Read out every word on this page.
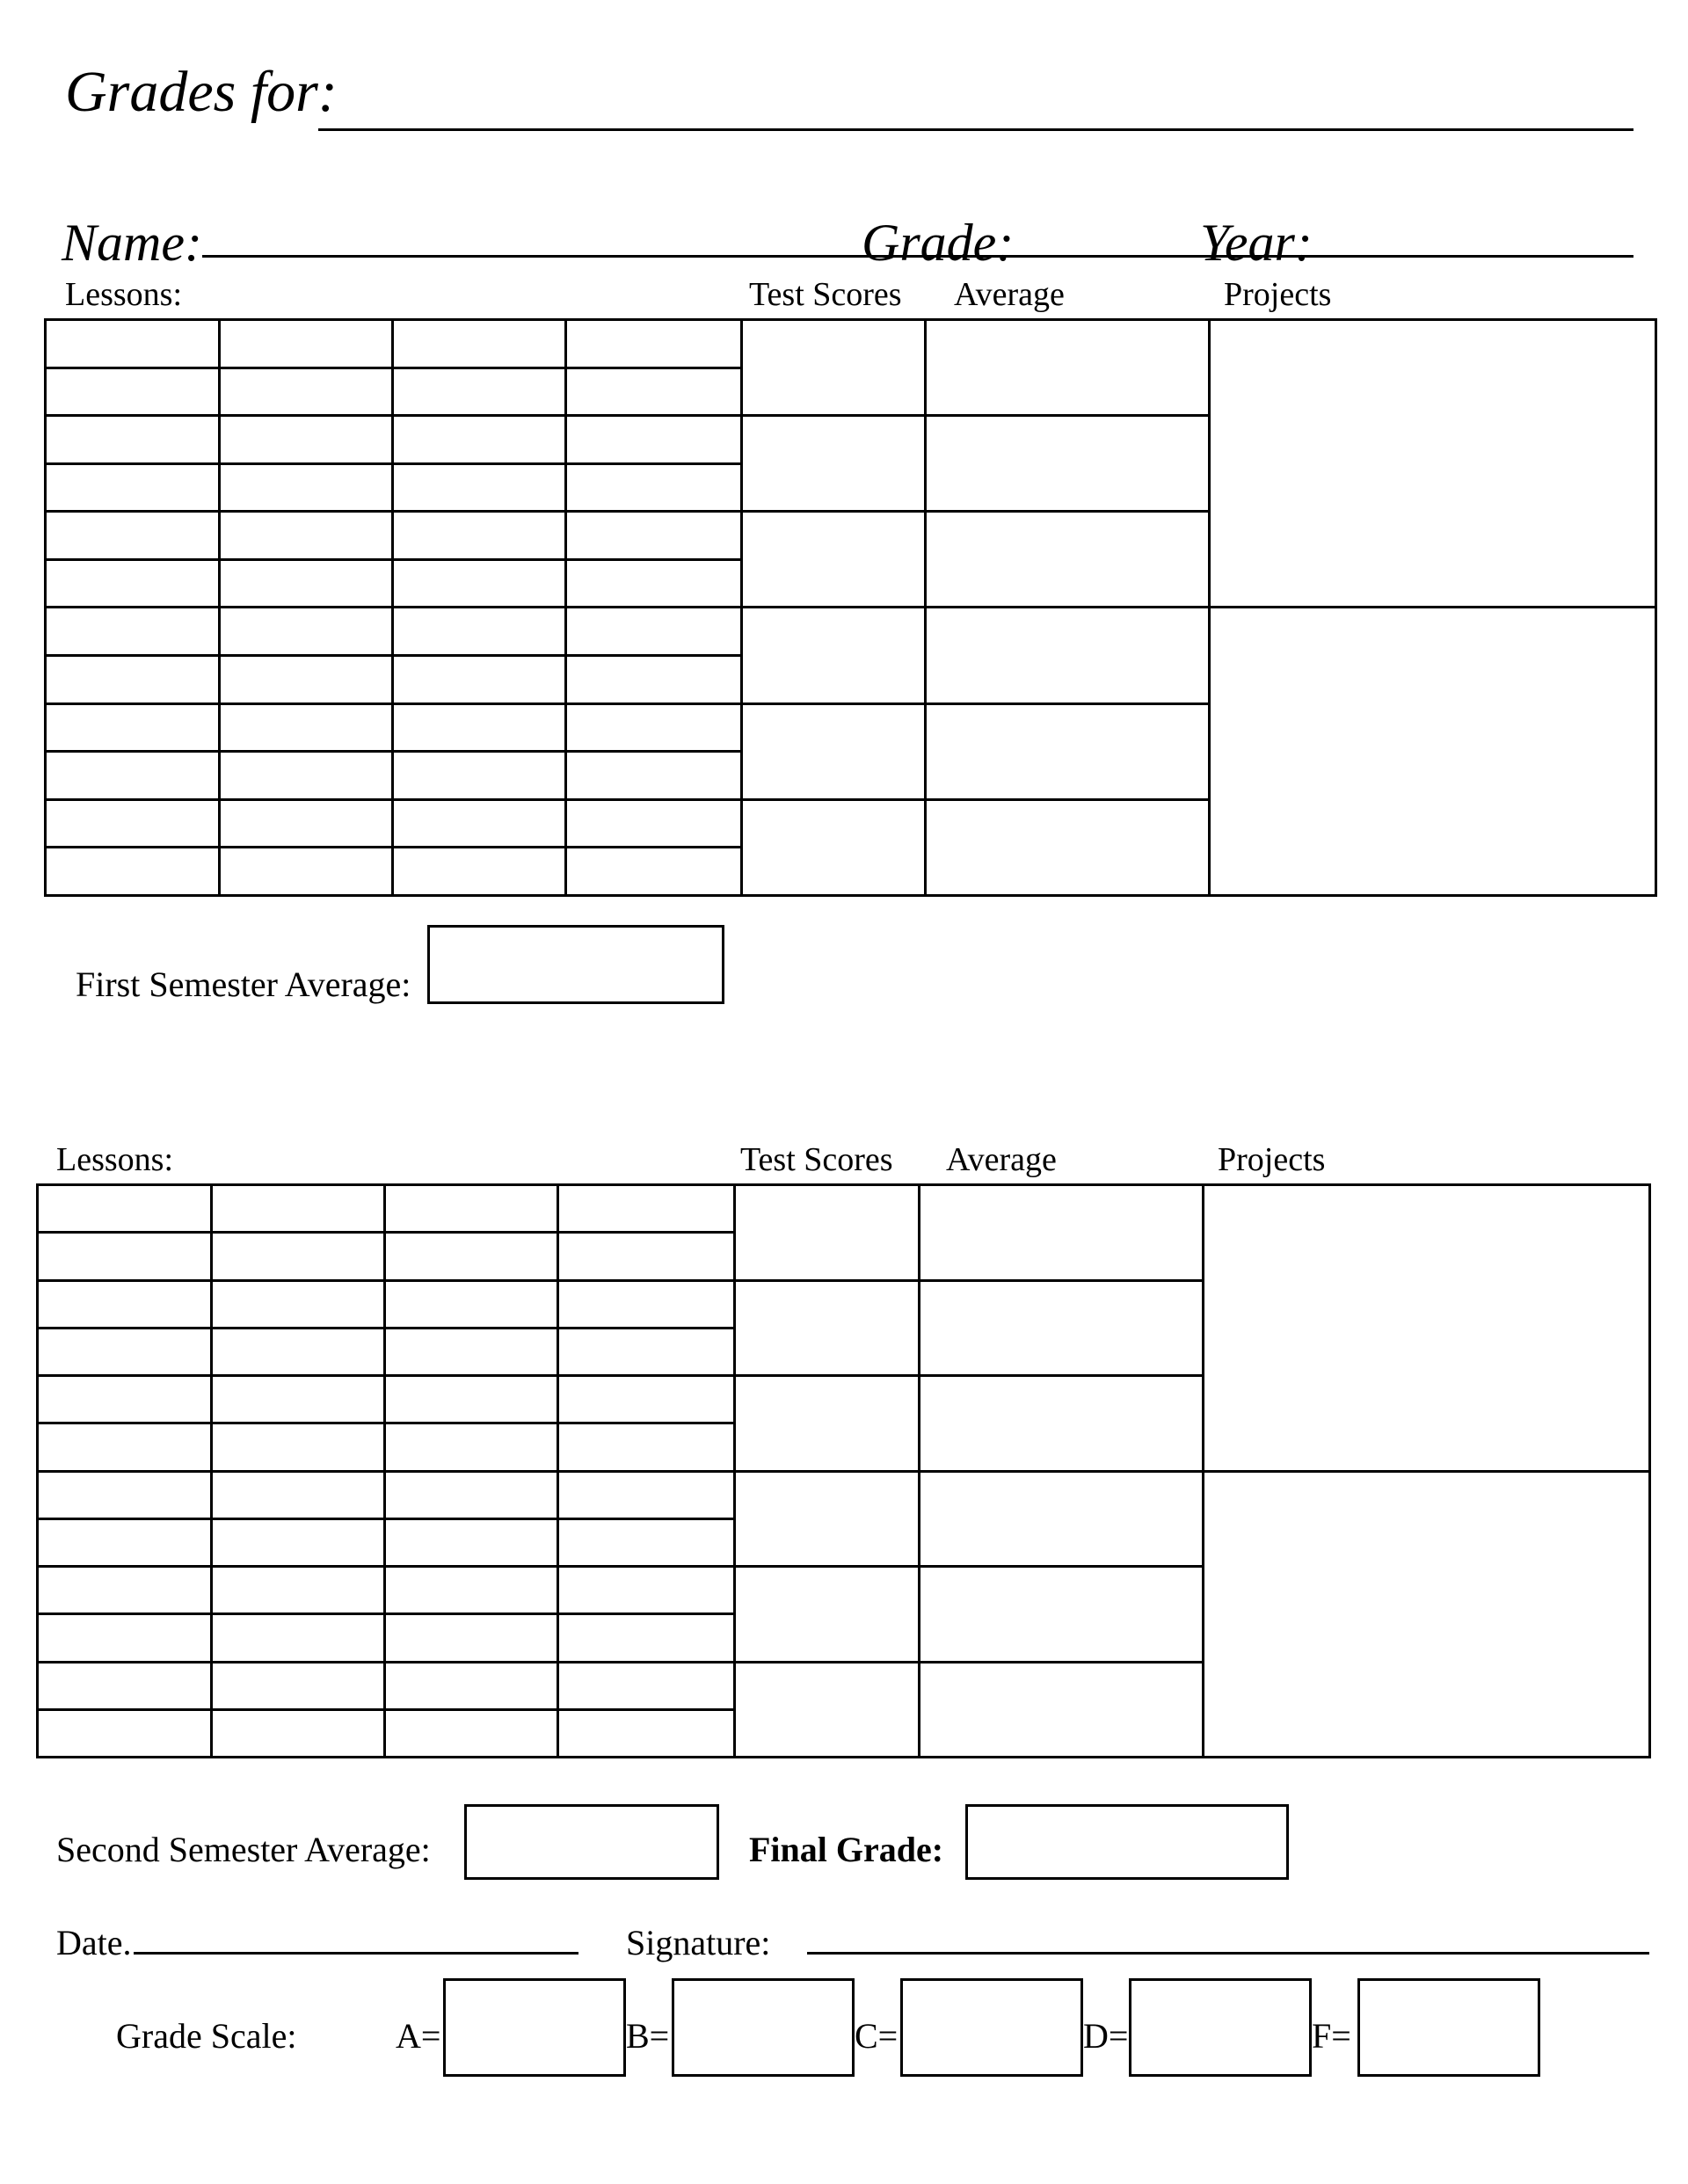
Grades for:
Name:	Grade:	Year:
Lessons:	Test Scores Average	Projects

First Semester Average:
Lessons:	Test Scores Average	Projects

Second Semester Average:	Final Grade:
Date.	Signature:
Grade Scale:	A=	B=	C=	D=	F=
